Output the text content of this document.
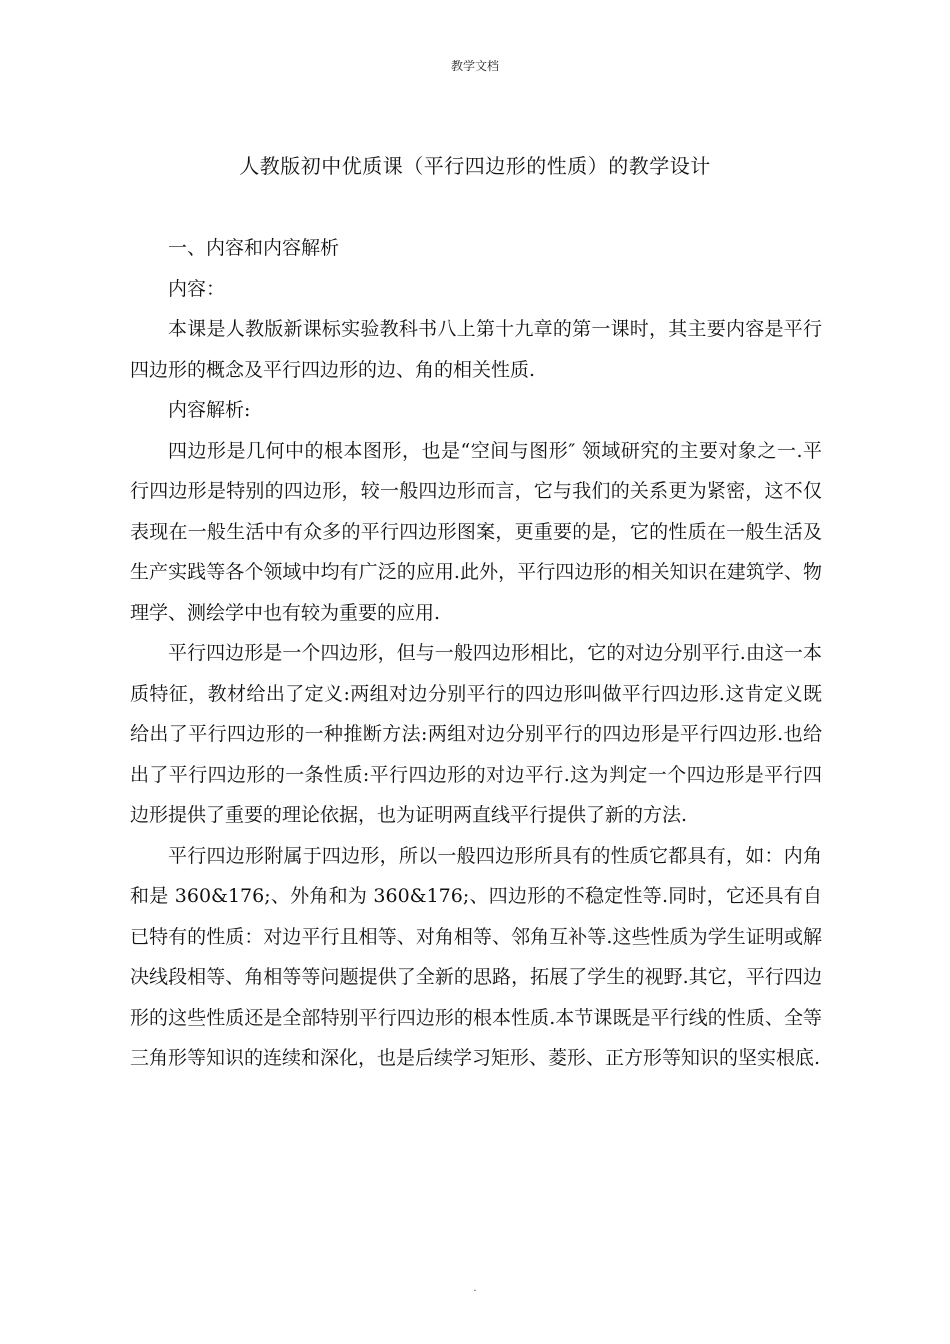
教学文档
人教版初中优质课（平行四边形的性质）的教学设计

一、内容和内容解析

内容：

本课是人教版新课标实验教科书八上第十九章的第一课时，其主要内容是平行四边形的概念及平行四边形的边、角的相关性质.

内容解析:

四边形是几何中的根本图形，也是“空间与图形″ 领域研究的主要对象之一.平行四边形是特别的四边形，较一般四边形而言，它与我们的关系更为紧密，这不仅表现在一般生活中有众多的平行四边形图案，更重要的是，它的性质在一般生活及生产实践等各个领域中均有广泛的应用.此外，平行四边形的相关知识在建筑学、物理学、测绘学中也有较为重要的应用.

平行四边形是一个四边形，但与一般四边形相比，它的对边分别平行.由这一本质特征，教材给出了定义:两组对边分别平行的四边形叫做平行四边形.这肯定义既给出了平行四边形的一种推断方法:两组对边分别平行的四边形是平行四边形.也给出了平行四边形的一条性质:平行四边形的对边平行.这为判定一个四边形是平行四边形提供了重要的理论依据，也为证明两直线平行提供了新的方法.

平行四边形附属于四边形，所以一般四边形所具有的性质它都具有，如：内角和是 360&176;、外角和为 360&176;、四边形的不稳定性等.同时，它还具有自已特有的性质：对边平行且相等、对角相等、邻角互补等.这些性质为学生证明或解决线段相等、角相等等问题提供了全新的思路，拓展了学生的视野.其它，平行四边形的这些性质还是全部特别平行四边形的根本性质.本节课既是平行线的性质、全等三角形等知识的连续和深化，也是后续学习矩形、菱形、正方形等知识的坚实根底.

.
